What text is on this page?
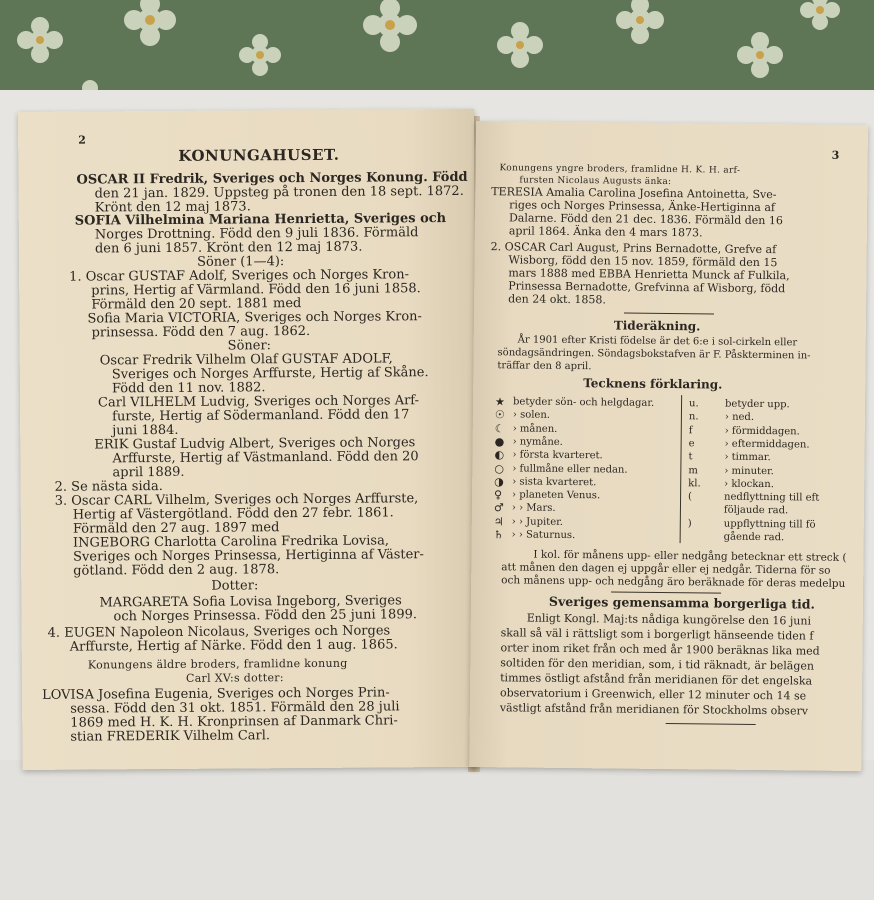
2
KONUNGAHUSET.
OSCAR II Fredrik, Sveriges och Norges Konung. Född
den 21 jan. 1829. Uppsteg på tronen den 18 sept. 1872.
Krönt den 12 maj 1873.
SOFIA Vilhelmina Mariana Henrietta, Sveriges och
Norges Drottning. Född den 9 juli 1836. Förmäld
den 6 juni 1857. Krönt den 12 maj 1873.
Söner (1—4):
1. Oscar GUSTAF Adolf, Sveriges och Norges Kron-
prins, Hertig af Värmland. Född den 16 juni 1858.
Förmäld den 20 sept. 1881 med
Sofia Maria VICTORIA, Sveriges och Norges Kron-
prinsessa. Född den 7 aug. 1862.
Söner:
Oscar Fredrik Vilhelm Olaf GUSTAF ADOLF,
Sveriges och Norges Arffurste, Hertig af Skåne.
Född den 11 nov. 1882.
Carl VILHELM Ludvig, Sveriges och Norges Arf-
furste, Hertig af Södermanland. Född den 17
juni 1884.
ERIK Gustaf Ludvig Albert, Sveriges och Norges
Arffurste, Hertig af Västmanland. Född den 20
april 1889.
2. Se nästa sida.
3. Oscar CARL Vilhelm, Sveriges och Norges Arffurste,
Hertig af Västergötland. Född den 27 febr. 1861.
Förmäld den 27 aug. 1897 med
INGEBORG Charlotta Carolina Fredrika Lovisa,
Sveriges och Norges Prinsessa, Hertiginna af Väster-
götland. Född den 2 aug. 1878.
Dotter:
MARGARETA Sofia Lovisa Ingeborg, Sveriges
och Norges Prinsessa. Född den 25 juni 1899.
4. EUGEN Napoleon Nicolaus, Sveriges och Norges
Arffurste, Hertig af Närke. Född den 1 aug. 1865.
Konungens äldre broders, framlidne konung
Carl XV:s dotter:
LOVISA Josefina Eugenia, Sveriges och Norges Prin-
sessa. Född den 31 okt. 1851. Förmäld den 28 juli
1869 med H. K. H. Kronprinsen af Danmark Chri-
stian FREDERIK Vilhelm Carl.
3
Konungens yngre broders, framlidne H. K. H. arf-
fursten Nicolaus Augusts änka:
TERESIA Amalia Carolina Josefina Antoinetta, Sve-
riges och Norges Prinsessa, Änke-Hertiginna af
Dalarne. Född den 21 dec. 1836. Förmäld den 16
april 1864. Änka den 4 mars 1873.
2. OSCAR Carl August, Prins Bernadotte, Grefve af
Wisborg, född den 15 nov. 1859, förmäld den 15
mars 1888 med EBBA Henrietta Munck af Fulkila,
Prinsessa Bernadotte, Grefvinna af Wisborg, född
den 24 okt. 1858.
Tideräkning.
År 1901 efter Kristi födelse är det 6:e i sol-cirkeln eller
söndagsändringen. Söndagsbokstafven är F. Påskterminen in-
träffar den 8 april.
Tecknens förklaring.
I kol. för månens upp- eller nedgång betecknar ett streck (
att månen den dagen ej uppgår eller ej nedgår. Tiderna för so
och månens upp- och nedgång äro beräknade för deras medelpu
Sveriges gemensamma borgerliga tid.
Enligt Kongl. Maj:ts nådiga kungörelse den 16 juni
skall så väl i rättsligt som i borgerligt hänseende tiden f
orter inom riket från och med år 1900 beräknas lika med
soltiden för den meridian, som, i tid räknadt, är belägen
timmes östligt afstånd från meridianen för det engelska
observatorium i Greenwich, eller 12 minuter och 14 se
västligt afstånd från meridianen för Stockholms observ
★ betyder sön- och helgdagar.
☉ › solen.
☾ › månen.
● › nymåne.
◐ › första kvarteret.
○ › fullmåne eller nedan.
◑ › sista kvarteret.
♀ › planeten Venus.
♂ › › Mars.
♃ › › Jupiter.
♄ › › Saturnus.
u.	betyder upp.
n.	› ned.
f	› förmiddagen.
e	› eftermiddagen.
t	› timmar.
m	› minuter.
kl. › klockan.
(	nedflyttning till eft
följaude rad.
)	uppflyttning till fö
gående rad.
